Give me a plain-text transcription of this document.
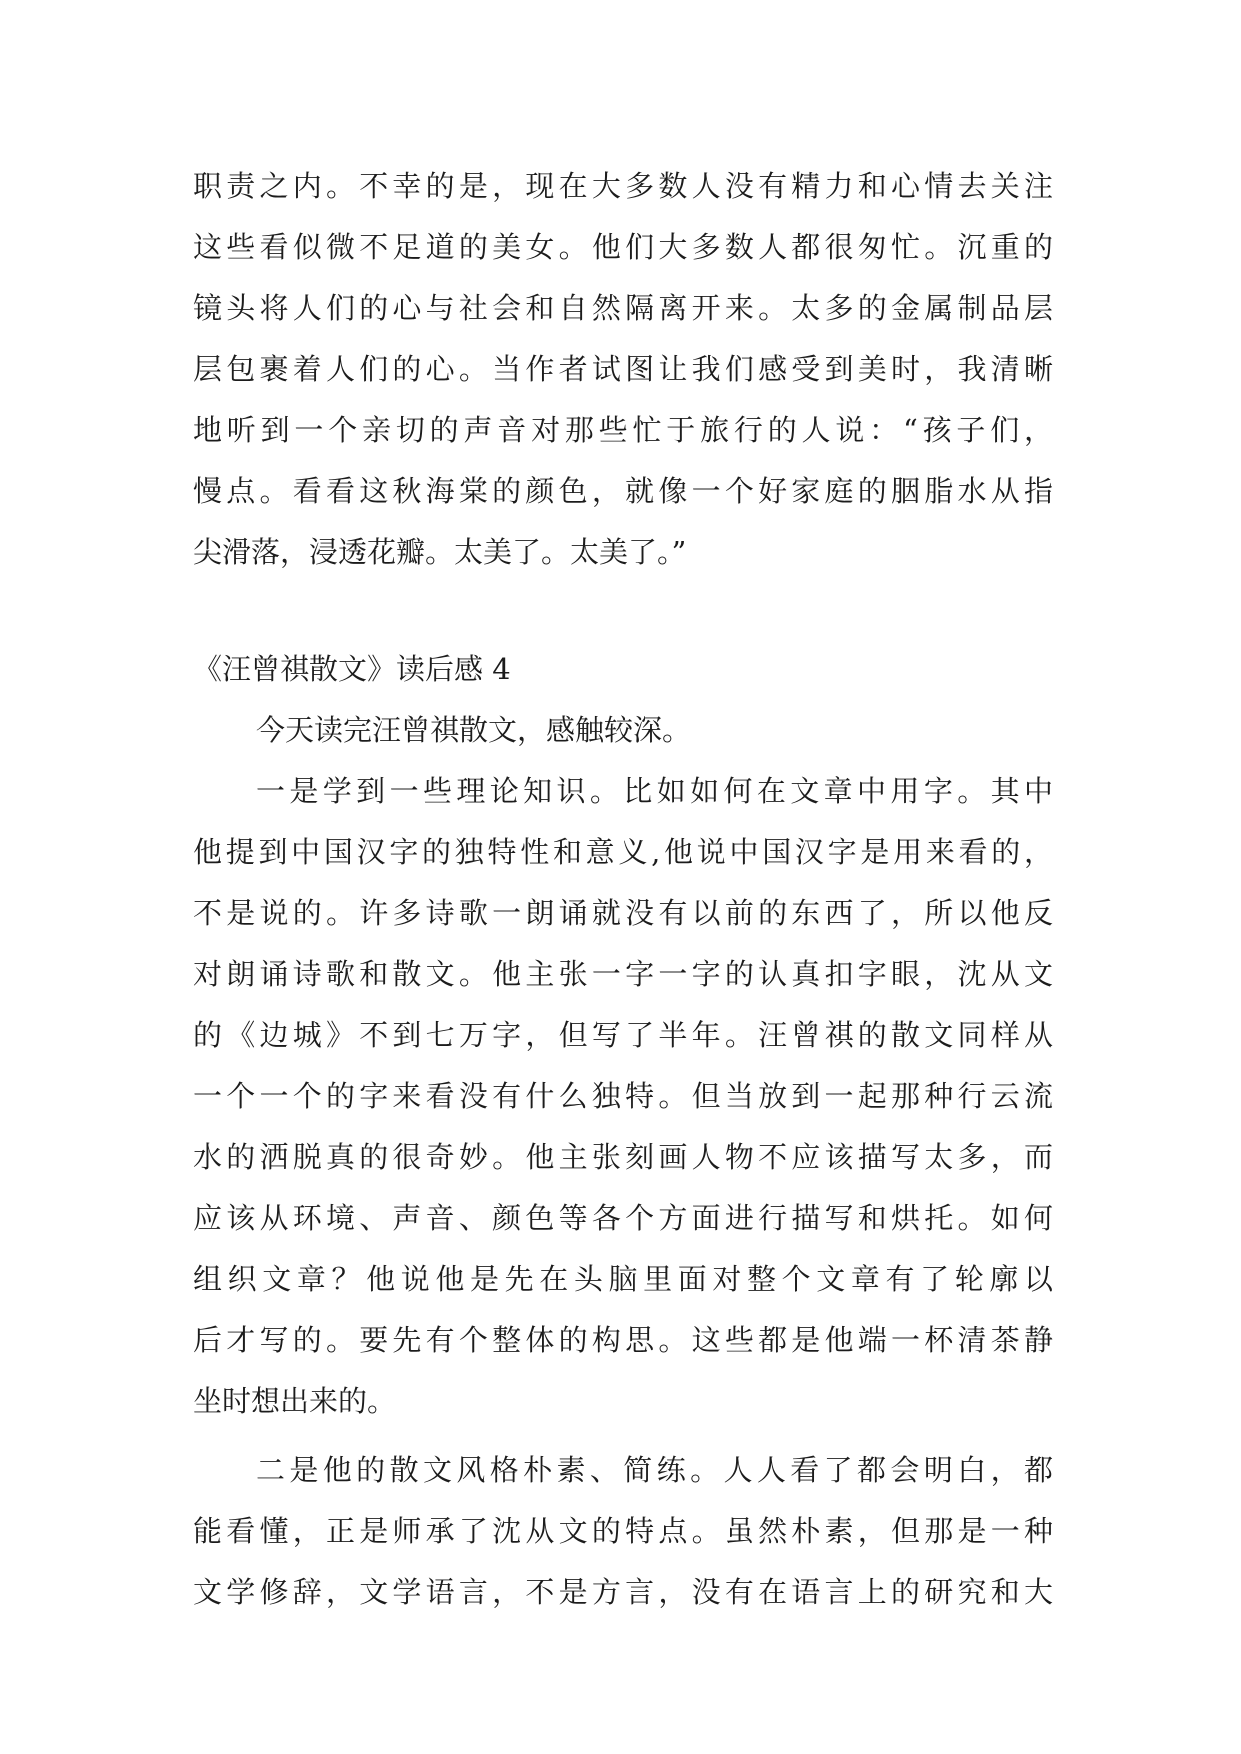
职责之内。不幸的是，现在大多数人没有精力和心情去关注

这些看似微不足道的美女。他们大多数人都很匆忙。沉重的

镜头将人们的心与社会和自然隔离开来。太多的金属制品层

层包裹着人们的心。当作者试图让我们感受到美时，我清晰

地听到一个亲切的声音对那些忙于旅行的人说：“孩子们，

慢点。看看这秋海棠的颜色，就像一个好家庭的胭脂水从指

尖滑落，浸透花瓣。太美了。太美了。”

《汪曾祺散文》读后感 4

今天读完汪曾祺散文，感触较深。

一是学到一些理论知识。比如如何在文章中用字。其中

他提到中国汉字的独特性和意义,他说中国汉字是用来看的，

不是说的。许多诗歌一朗诵就没有以前的东西了，所以他反

对朗诵诗歌和散文。他主张一字一字的认真扣字眼，沈从文

的《边城》不到七万字，但写了半年。汪曾祺的散文同样从

一个一个的字来看没有什么独特。但当放到一起那种行云流

水的洒脱真的很奇妙。他主张刻画人物不应该描写太多，而

应该从环境、声音、颜色等各个方面进行描写和烘托。如何

组织文章？他说他是先在头脑里面对整个文章有了轮廓以

后才写的。要先有个整体的构思。这些都是他端一杯清茶静

坐时想出来的。

二是他的散文风格朴素、简练。人人看了都会明白，都

能看懂，正是师承了沈从文的特点。虽然朴素，但那是一种

文学修辞，文学语言，不是方言，没有在语言上的研究和大
